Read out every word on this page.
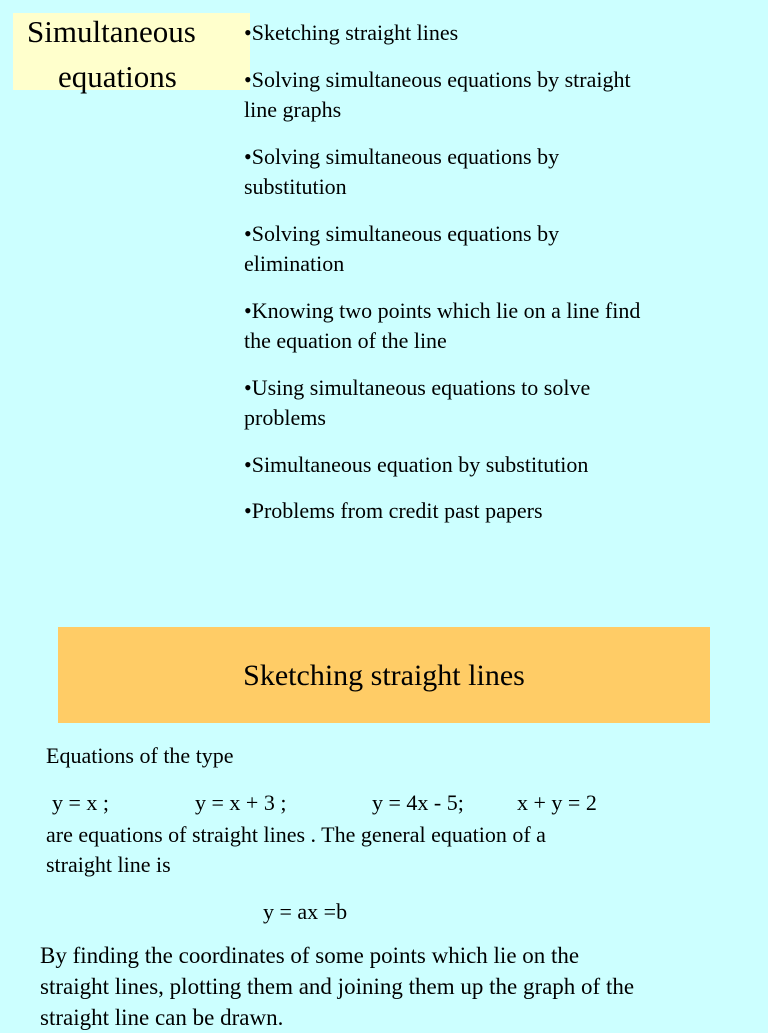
Simultaneous
equations
• Sketching straight lines
• Solving simultaneous equations by straight line graphs
• Solving simultaneous equations by substitution
• Solving simultaneous equations by elimination
• Knowing two points which lie on a line find the equation of the line
• Using simultaneous equations to solve problems
• Simultaneous equation by substitution
• Problems from credit past papers
Sketching straight lines
Equations of the type
y = x ;	y = x + 3 ;	y = 4x - 5; x + y = 2
are equations of straight lines . The general equation of a
straight line is
y = ax =b
By finding the coordinates of some points which lie on the
straight lines, plotting them and joining them up the graph of the
straight line can be drawn.
